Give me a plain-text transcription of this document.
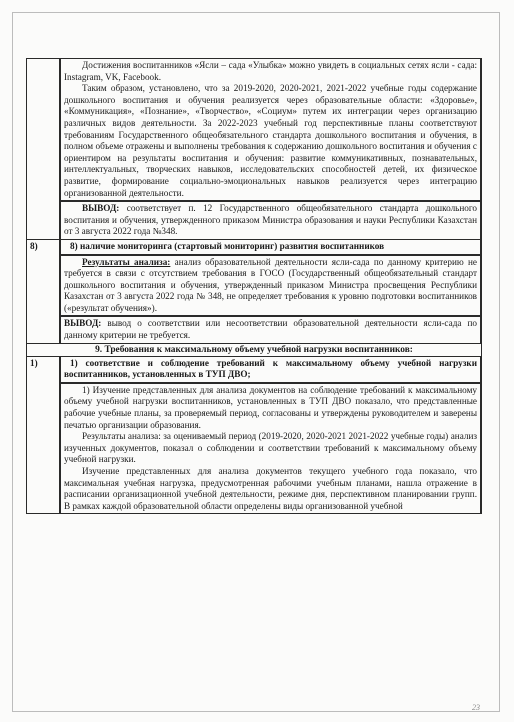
	Достижения воспитанников «Ясли – сада «Улыбка» можно увидеть в социальных сетях ясли - сада: Instagram, VK, Facebook.

Таким образом, установлено, что за 2019-2020, 2020-2021, 2021-2022 учебные годы содержание дошкольного воспитания и обучения реализуется через образовательные области: «Здоровье», «Коммуникация», «Познание», «Творчество», «Социум» путем их интеграции через организацию различных видов деятельности. За 2022-2023 учебный год перспективные планы соответствуют требованиям Государственного общеобязательного стандарта дошкольного воспитания и обучения, в полном объеме отражены и выполнены требования к содержанию дошкольного воспитания и обучения с ориентиром на результаты воспитания и обучения: развитие коммуникативных, познавательных, интеллектуальных, творческих навыков, исследовательских способностей детей, их физическое развитие, формирование социально-эмоциональных навыков реализуется через интеграцию организованной деятельности.

ВЫВОД: соответствует п. 12 Государственного общеобязательного стандарта дошкольного воспитания и обучения, утвержденного приказом Министра образования и науки Республики Казахстан от 3 августа 2022 года №348.

8)	8) наличие мониторинга (стартовый мониторинг) развития воспитанников

Результаты анализа: анализ образовательной деятельности ясли-сада по данному критерию не требуется в связи с отсутствием требования в ГОСО (Государственный общеобязательный стандарт дошкольного воспитания и обучения, утвержденный приказом Министра просвещения Республики Казахстан от 3 августа 2022 года № 348, не определяет требования к уровню подготовки воспитанников («результат обучения»).

ВЫВОД: вывод о соответствии или несоответствии образовательной деятельности ясли-сада по данному критерии не требуется.

9. Требования к максимальному объему учебной нагрузки воспитанников:	
1)	1) соответствие и соблюдение требований к максимальному объему учебной нагрузки воспитанников, установленных в ТУП ДВО;

1) Изучение представленных для анализа документов на соблюдение требований к максимальному объему учебной нагрузки воспитанников, установленных в ТУП ДВО показало, что представленные рабочие учебные планы, за проверяемый период, согласованы и утверждены руководителем и заверены печатью организации образования.

Результаты анализа: за оцениваемый период (2019-2020, 2020-2021 2021-2022 учебные годы) анализ изученных документов, показал о соблюдении и соответствии требований к максимальному объему учебной нагрузки.

Изучение представленных для анализа документов текущего учебного года показало, что максимальная учебная нагрузка, предусмотренная рабочими учебным планами, нашла отражение в расписании организационной учебной деятельности, режиме дня, перспективном планировании групп. В рамках каждой образовательной области определены виды организованной учебной

23
